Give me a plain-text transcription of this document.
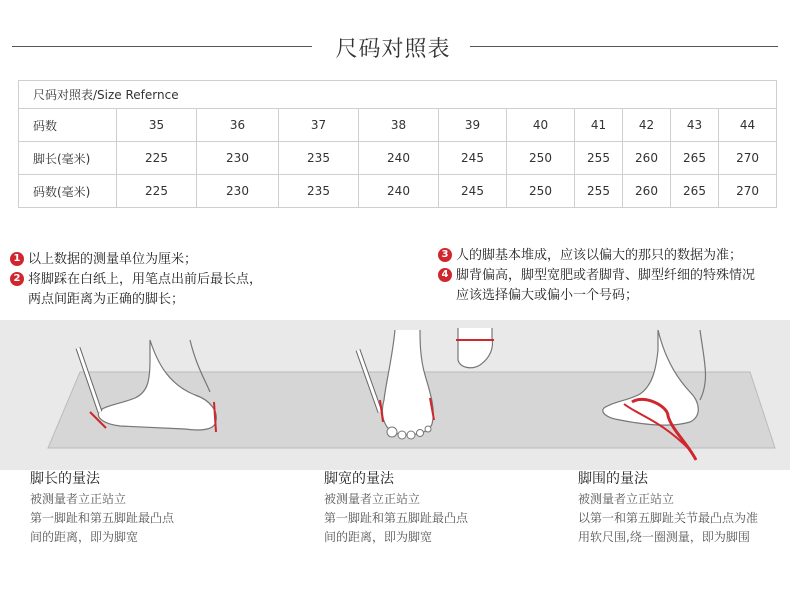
尺码对照表
尺码对照表/Size Refernce										
码数	35	36	37	38	39	40	41	42	43	44
脚长(毫米)	225	230	235	240	245	250	255	260	265	270
码数(毫米)	225	230	235	240	245	250	255	260	265	270
1 以上数据的测量单位为厘米；
2 将脚踩在白纸上，用笔点出前后最长点，
两点间距离为正确的脚长；
3 人的脚基本堆成，应该以偏大的那只的数据为准；
4 脚背偏高，脚型宽肥或者脚背、脚型纤细的特殊情况
应该选择偏大或偏小一个号码；
脚长的量法
被测量者立正站立
第一脚趾和第五脚趾最凸点
间的距离，即为脚宽
脚宽的量法
被测量者立正站立
第一脚趾和第五脚趾最凸点
间的距离，即为脚宽
脚围的量法
被测量者立正站立
以第一和第五脚趾关节最凸点为准
用软尺围,绕一圈测量，即为脚围
